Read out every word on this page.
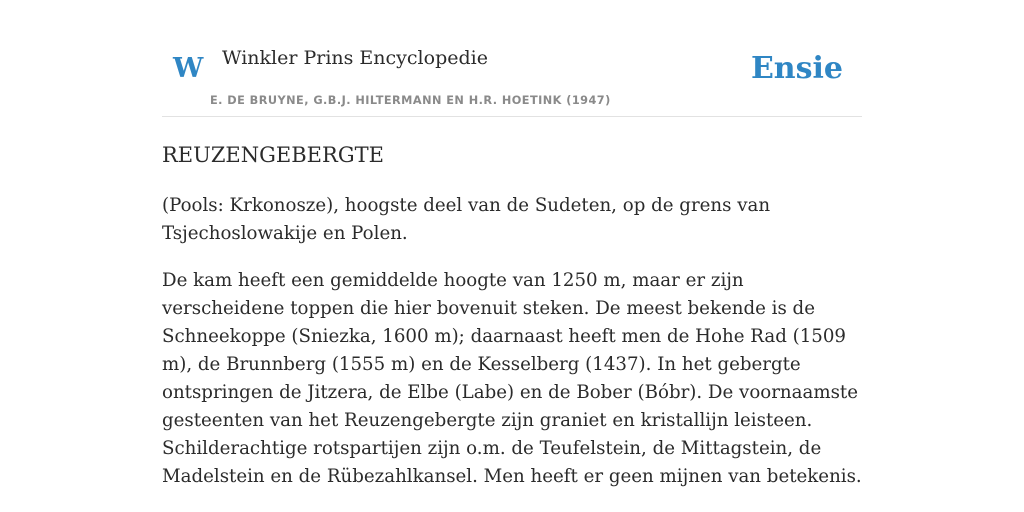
W Winkler Prins Encyclopedie
E. DE BRUYNE, G.B.J. HILTERMANN EN H.R. HOETINK (1947)
Ensie
REUZENGEBERGTE

(Pools: Krkonosze), hoogste deel van de Sudeten, op de grens van Tsjechoslowakije en Polen.

De kam heeft een gemiddelde hoogte van 1250 m, maar er zijn verscheidene toppen die hier bovenuit steken. De meest bekende is de Schneekoppe (Sniezka, 1600 m); daarnaast heeft men de Hohe Rad (1509 m), de Brunnberg (1555 m) en de Kesselberg (1437). In het gebergte ontspringen de Jitzera, de Elbe (Labe) en de Bober (Bóbr). De voornaamste gesteenten van het Reuzengebergte zijn graniet en kristallijn leisteen. Schilderachtige rotspartijen zijn o.m. de Teufelstein, de Mittagstein, de Madelstein en de Rübezahlkansel. Men heeft er geen mijnen van betekenis.
